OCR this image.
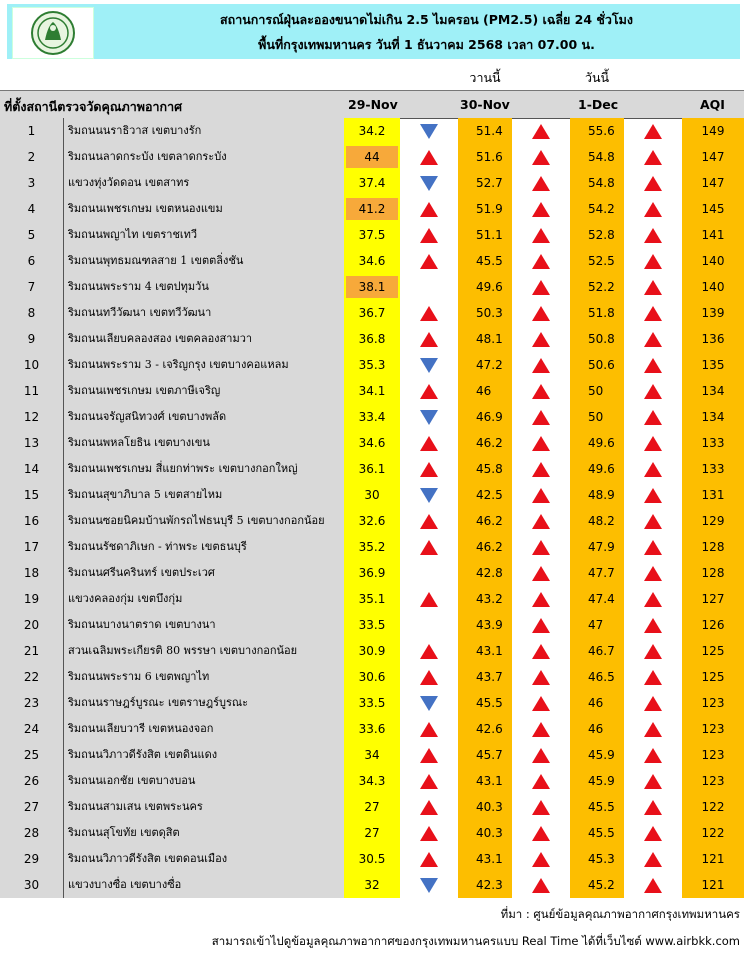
สถานการณ์ฝุ่นละอองขนาดไม่เกิน 2.5 ไมครอน (PM2.5) เฉลี่ย 24 ชั่วโมง
พื้นที่กรุงเทพมหานคร วันที่ 1 ธันวาคม 2568 เวลา 07.00 น.
วานนี้	วันนี้
ที่ตั้งสถานีตรวจวัดคุณภาพอากาศ	29-Nov	30-Nov	1-Dec	AQI
1	ริมถนนนราธิวาส เขตบางรัก	34.2	51.4	55.6	149
2	ริมถนนลาดกระบัง เขตลาดกระบัง	44	51.6	54.8	147
3	แขวงทุ่งวัดดอน เขตสาทร	37.4	52.7	54.8	147
4	ริมถนนเพชรเกษม เขตหนองแขม	41.2	51.9	54.2	145
5	ริมถนนพญาไท เขตราชเทวี	37.5	51.1	52.8	141
6	ริมถนนพุทธมณฑลสาย 1 เขตตลิ่งชัน	34.6	45.5	52.5	140
7	ริมถนนพระราม 4 เขตปทุมวัน	38.1	49.6	52.2	140
8	ริมถนนทวีวัฒนา เขตทวีวัฒนา	36.7	50.3	51.8	139
9	ริมถนนเลียบคลองสอง เขตคลองสามวา	36.8	48.1	50.8	136
10	ริมถนนพระราม 3 - เจริญกรุง เขตบางคอแหลม	35.3	47.2	50.6	135
11	ริมถนนเพชรเกษม เขตภาษีเจริญ	34.1	46	50	134
12	ริมถนนจรัญสนิทวงศ์ เขตบางพลัด	33.4	46.9	50	134
13	ริมถนนพหลโยธิน เขตบางเขน	34.6	46.2	49.6	133
14	ริมถนนเพชรเกษม สี่แยกท่าพระ เขตบางกอกใหญ่	36.1	45.8	49.6	133
15	ริมถนนสุขาภิบาล 5 เขตสายไหม	30	42.5	48.9	131
16	ริมถนนซอยนิคมบ้านพักรถไฟธนบุรี 5 เขตบางกอกน้อย	32.6	46.2	48.2	129
17	ริมถนนรัชดาภิเษก - ท่าพระ เขตธนบุรี	35.2	46.2	47.9	128
18	ริมถนนศรีนครินทร์ เขตประเวศ	36.9	42.8	47.7	128
19	แขวงคลองกุ่ม เขตบึงกุ่ม	35.1	43.2	47.4	127
20	ริมถนนบางนาตราด เขตบางนา	33.5	43.9	47	126
21	สวนเฉลิมพระเกียรติ 80 พรรษา เขตบางกอกน้อย	30.9	43.1	46.7	125
22	ริมถนนพระราม 6 เขตพญาไท	30.6	43.7	46.5	125
23	ริมถนนราษฎร์บูรณะ เขตราษฎร์บูรณะ	33.5	45.5	46	123
24	ริมถนนเลียบวารี เขตหนองจอก	33.6	42.6	46	123
25	ริมถนนวิภาวดีรังสิต เขตดินแดง	34	45.7	45.9	123
26	ริมถนนเอกชัย เขตบางบอน	34.3	43.1	45.9	123
27	ริมถนนสามเสน เขตพระนคร	27	40.3	45.5	122
28	ริมถนนสุโขทัย เขตดุสิต	27	40.3	45.5	122
29	ริมถนนวิภาวดีรังสิต เขตดอนเมือง	30.5	43.1	45.3	121
30	แขวงบางซื่อ เขตบางซื่อ	32	42.3	45.2	121
ที่มา : ศูนย์ข้อมูลคุณภาพอากาศกรุงเทพมหานคร
สามารถเข้าไปดูข้อมูลคุณภาพอากาศของกรุงเทพมหานครแบบ Real Time ได้ที่เว็บไซต์ www.airbkk.com
